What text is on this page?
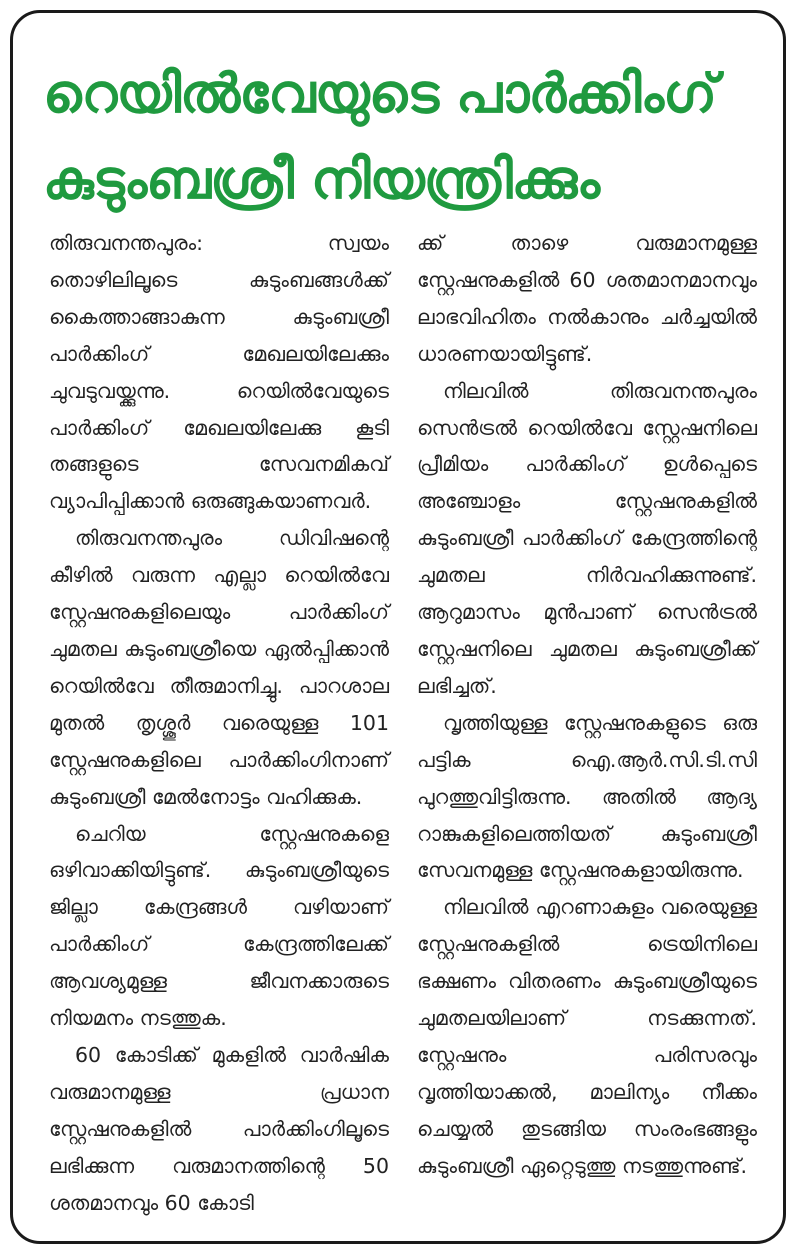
റെയിൽവേയുടെ പാർക്കിംഗ്
കുടുംബശ്രീ നിയന്ത്രിക്കും

തിരുവനന്തപുരം: സ്വയം തൊഴിലിലൂടെ കുടുംബങ്ങൾക്ക് കൈത്താങ്ങാകുന്ന കുടുംബശ്രീ പാർക്കിംഗ് മേഖലയിലേക്കും ചുവടുവയ്ക്കുന്നു. റെയിൽവേയുടെ പാർക്കിംഗ് മേഖലയിലേക്കു കൂടി തങ്ങളുടെ സേവനമികവ് വ്യാപിപ്പിക്കാൻ ഒരുങ്ങുകയാണവർ.

തിരുവനന്തപുരം ഡിവിഷന്റെ കീഴിൽ വരുന്ന എല്ലാ റെയിൽവേ സ്റ്റേഷനുകളിലെയും പാർക്കിംഗ് ചുമതല കുടുംബശ്രീയെ ഏൽപ്പിക്കാൻ റെയിൽവേ തീരുമാനിച്ചു. പാറശാല മുതൽ തൃശ്ശൂർ വരെയുള്ള 101 സ്റ്റേഷനുകളിലെ പാർക്കിംഗിനാണ് കുടുംബശ്രീ മേൽനോട്ടം വഹിക്കുക.

ചെറിയ സ്റ്റേഷനുകളെ ഒഴിവാക്കിയിട്ടുണ്ട്. കുടുംബശ്രീയുടെ ജില്ലാ കേന്ദ്രങ്ങൾ വഴിയാണ് പാർക്കിംഗ് കേന്ദ്രത്തിലേക്ക് ആവശ്യമുള്ള ജീവനക്കാരുടെ നിയമനം നടത്തുക.

60 കോടിക്ക് മുകളിൽ വാർഷിക വരുമാനമുള്ള പ്രധാന സ്റ്റേഷനുകളിൽ പാർക്കിംഗിലൂടെ ലഭിക്കുന്ന വരുമാനത്തിന്റെ 50 ശതമാനവും 60 കോടി

ക്ക് താഴെ വരുമാനമുള്ള സ്റ്റേഷനുകളിൽ 60 ശതമാനമാനവും ലാഭവിഹിതം നൽകാനും ചർച്ചയിൽ ധാരണയായിട്ടുണ്ട്.

നിലവിൽ തിരുവനന്തപുരം സെൻട്രൽ റെയിൽവേ സ്റ്റേഷനിലെ പ്രീമിയം പാർക്കിംഗ് ഉൾപ്പെടെ അഞ്ചോളം സ്റ്റേഷനുകളിൽ കുടുംബശ്രീ പാർക്കിംഗ് കേന്ദ്രത്തിന്റെ ചുമതല നിർവഹിക്കുന്നുണ്ട്. ആറുമാസം മുൻപാണ് സെൻട്രൽ സ്റ്റേഷനിലെ ചുമതല കുടുംബശ്രീക്ക് ലഭിച്ചത്.

വൃത്തിയുള്ള സ്റ്റേഷനുകളുടെ ഒരു പട്ടിക ഐ.ആർ.സി.ടി.സി പുറത്തുവിട്ടിരുന്നു. അതിൽ ആദ്യ റാങ്കുകളിലെത്തിയത് കുടുംബശ്രീ സേവനമുള്ള സ്റ്റേഷനുകളായിരുന്നു.

നിലവിൽ എറണാകുളം വരെയുള്ള സ്റ്റേഷനുകളിൽ ട്രെയിനിലെ ഭക്ഷണം വിതരണം കുടുംബശ്രീയുടെ ചുമതലയിലാണ് നടക്കുന്നത്. സ്റ്റേഷനും പരിസരവും വൃത്തിയാക്കൽ, മാലിന്യം നീക്കം ചെയ്യൽ തുടങ്ങിയ സംരംഭങ്ങളും കുടുംബശ്രീ ഏറ്റെടുത്തു നടത്തുന്നുണ്ട്.
